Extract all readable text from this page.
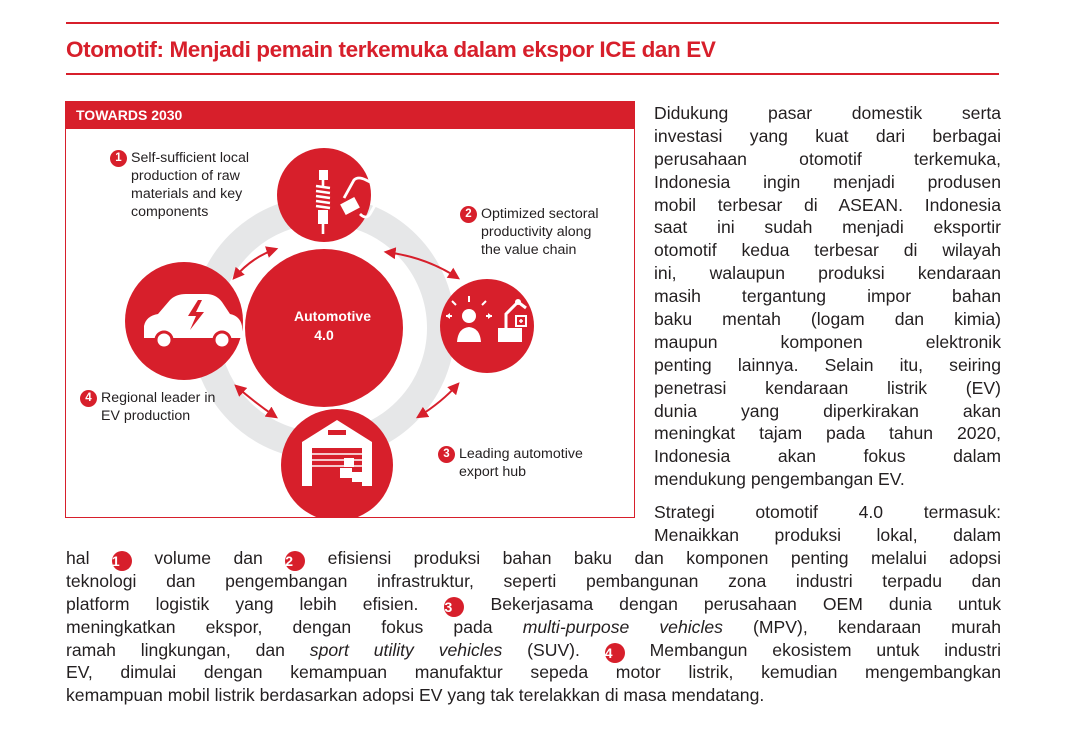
Otomotif: Menjadi pemain terkemuka dalam ekspor ICE dan EV
TOWARDS 2030
Automotive
4.0
1 Self-sufficient local
production of raw
materials and key
components	2 Optimized sectoral
productivity along
the value chain
3 Leading automotive
export hub
4 Regional leader in
EV production
Didukung pasar domestik serta
investasi yang kuat dari berbagai
perusahaan otomotif terkemuka,
Indonesia ingin menjadi produsen
mobil terbesar di ASEAN. Indonesia
saat ini sudah menjadi eksportir
otomotif kedua terbesar di wilayah
ini, walaupun produksi kendaraan
masih tergantung impor bahan
baku mentah (logam dan kimia)
maupun komponen elektronik
penting lainnya. Selain itu, seiring
penetrasi kendaraan listrik (EV)
dunia yang diperkirakan akan
meningkat tajam pada tahun 2020,
Indonesia akan fokus dalam
mendukung pengembangan EV.
Strategi otomotif 4.0 termasuk:
Menaikkan produksi lokal, dalam
hal 1 volume dan 2 efisiensi produksi bahan baku dan komponen penting melalui adopsi
teknologi dan pengembangan infrastruktur, seperti pembangunan zona industri terpadu dan
platform logistik yang lebih efisien. 3 Bekerjasama dengan perusahaan OEM dunia untuk
meningkatkan ekspor, dengan fokus pada multi-purpose vehicles (MPV), kendaraan murah
ramah lingkungan, dan sport utility vehicles (SUV). 4 Membangun ekosistem untuk industri
EV, dimulai dengan kemampuan manufaktur sepeda motor listrik, kemudian mengembangkan
kemampuan mobil listrik berdasarkan adopsi EV yang tak terelakkan di masa mendatang.
